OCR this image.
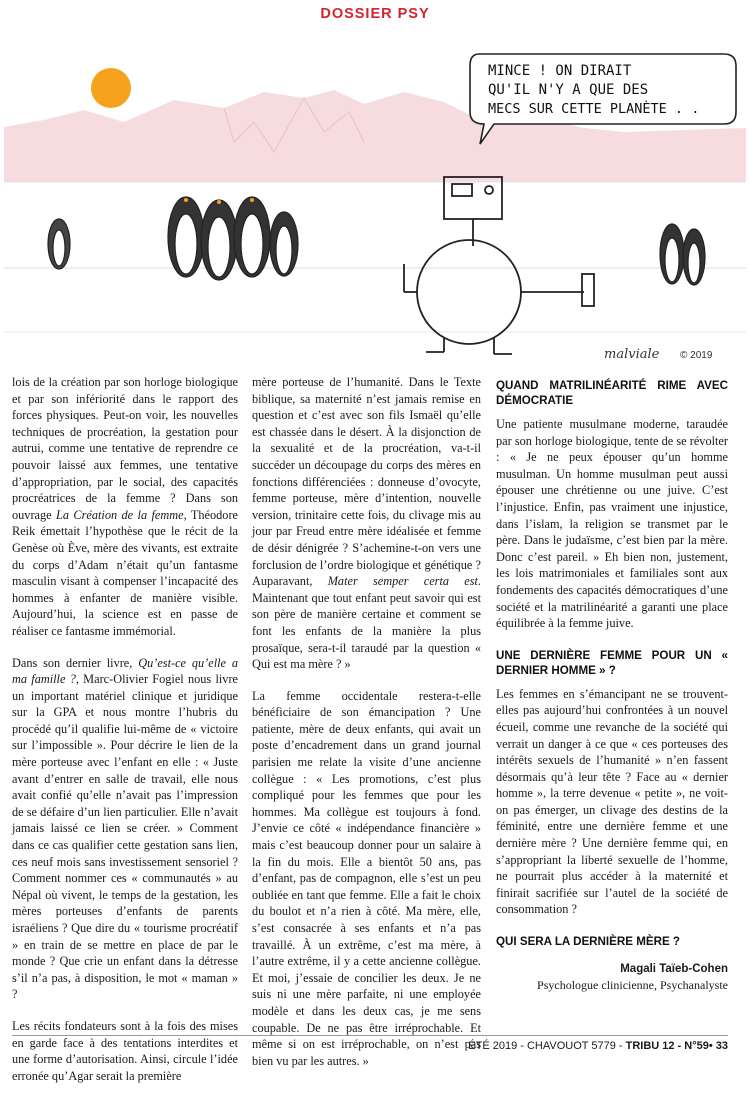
DOSSIER PSY
MINCE ! ON DIRAIT
QU'IL N'Y A QUE DES
MECS SUR CETTE PLANÈTE . .
malviale © 2019

lois de la création par son horloge biologique et par son infériorité dans le rapport des forces physiques. Peut-on voir, les nouvelles techniques de procréation, la gestation pour autrui, comme une tentative de reprendre ce pouvoir laissé aux femmes, une tentative d’appropriation, par le social, des capacités procréatrices de la femme ? Dans son ouvrage La Création de la femme, Théodore Reik émettait l’hypothèse que le récit de la Genèse où Ève, mère des vivants, est extraite du corps d’Adam n’était qu’un fantasme masculin visant à compenser l’incapacité des hommes à enfanter de manière visible. Aujourd’hui, la science est en passe de réaliser ce fantasme immémorial.

Dans son dernier livre, Qu’est-ce qu’elle a ma famille ?, Marc-Olivier Fogiel nous livre un important matériel clinique et juridique sur la GPA et nous montre l’hubris du procédé qu’il qualifie lui-même de « victoire sur l’impossible ». Pour décrire le lien de la mère porteuse avec l’enfant en elle : « Juste avant d’entrer en salle de travail, elle nous avait confié qu’elle n’avait pas l’impression de se défaire d’un lien particulier. Elle n’avait jamais laissé ce lien se créer. » Comment dans ce cas qualifier cette gestation sans lien, ces neuf mois sans investissement sensoriel ? Comment nommer ces « communautés » au Népal où vivent, le temps de la gestation, les mères porteuses d’enfants de parents israéliens ? Que dire du « tourisme procréatif » en train de se mettre en place de par le monde ? Que crie un enfant dans la détresse s’il n’a pas, à disposition, le mot « maman » ?

Les récits fondateurs sont à la fois des mises en garde face à des tentations interdites et une forme d’autorisation. Ainsi, circule l’idée erronée qu’Agar serait la première

mère porteuse de l’humanité. Dans le Texte biblique, sa maternité n’est jamais remise en question et c’est avec son fils Ismaël qu’elle est chassée dans le désert. À la disjonction de la sexualité et de la procréation, va-t-il succéder un découpage du corps des mères en fonctions différenciées : donneuse d’ovocyte, femme porteuse, mère d’intention, nouvelle version, trinitaire cette fois, du clivage mis au jour par Freud entre mère idéalisée et femme de désir dénigrée ? S’achemine-t-on vers une forclusion de l’ordre biologique et génétique ? Auparavant, Mater semper certa est. Maintenant que tout enfant peut savoir qui est son père de manière certaine et comment se font les enfants de la manière la plus prosaïque, sera-t-il taraudé par la question « Qui est ma mère ? »

La femme occidentale restera-t-elle bénéficiaire de son émancipation ? Une patiente, mère de deux enfants, qui avait un poste d’encadrement dans un grand journal parisien me relate la visite d’une ancienne collègue : « Les promotions, c’est plus compliqué pour les femmes que pour les hommes. Ma collègue est toujours à fond. J’envie ce côté « indépendance financière » mais c’est beaucoup donner pour un salaire à la fin du mois. Elle a bientôt 50 ans, pas d’enfant, pas de compagnon, elle s’est un peu oubliée en tant que femme. Elle a fait le choix du boulot et n’a rien à côté. Ma mère, elle, s’est consacrée à ses enfants et n’a pas travaillé. À un extrême, c’est ma mère, à l’autre extrême, il y a cette ancienne collègue. Et moi, j’essaie de concilier les deux. Je ne suis ni une mère parfaite, ni une employée modèle et dans les deux cas, je me sens coupable. De ne pas être irréprochable. Et même si on est irréprochable, on n’est pas bien vu par les autres. »

QUAND MATRILINÉARITÉ RIME AVEC DÉMOCRATIE

Une patiente musulmane moderne, taraudée par son horloge biologique, tente de se révolter : « Je ne peux épouser qu’un homme musulman. Un homme musulman peut aussi épouser une chrétienne ou une juive. C’est l’injustice. Enfin, pas vraiment une injustice, dans l’islam, la religion se transmet par le père. Dans le judaïsme, c’est bien par la mère. Donc c’est pareil. » Eh bien non, justement, les lois matrimoniales et familiales sont aux fondements des capacités démocratiques d’une société et la matrilinéarité a garanti une place équilibrée à la femme juive.

UNE DERNIÈRE FEMME POUR UN « DERNIER HOMME » ?

Les femmes en s’émancipant ne se trouvent-elles pas aujourd’hui confrontées à un nouvel écueil, comme une revanche de la société qui verrait un danger à ce que « ces porteuses des intérêts sexuels de l’humanité » n’en fassent désormais qu’à leur tête ? Face au « dernier homme », la terre devenue « petite », ne voit-on pas émerger, un clivage des destins de la féminité, entre une dernière femme et une dernière mère ? Une dernière femme qui, en s’appropriant la liberté sexuelle de l’homme, ne pourrait plus accéder à la maternité et finirait sacrifiée sur l’autel de la société de consommation ?

QUI SERA LA DERNIÈRE MÈRE ?
Magali Taïeb-Cohen
Psychologue clinicienne, Psychanalyste
ÉTÉ 2019 - CHAVOUOT 5779 - TRIBU 12 - N°59• 33
